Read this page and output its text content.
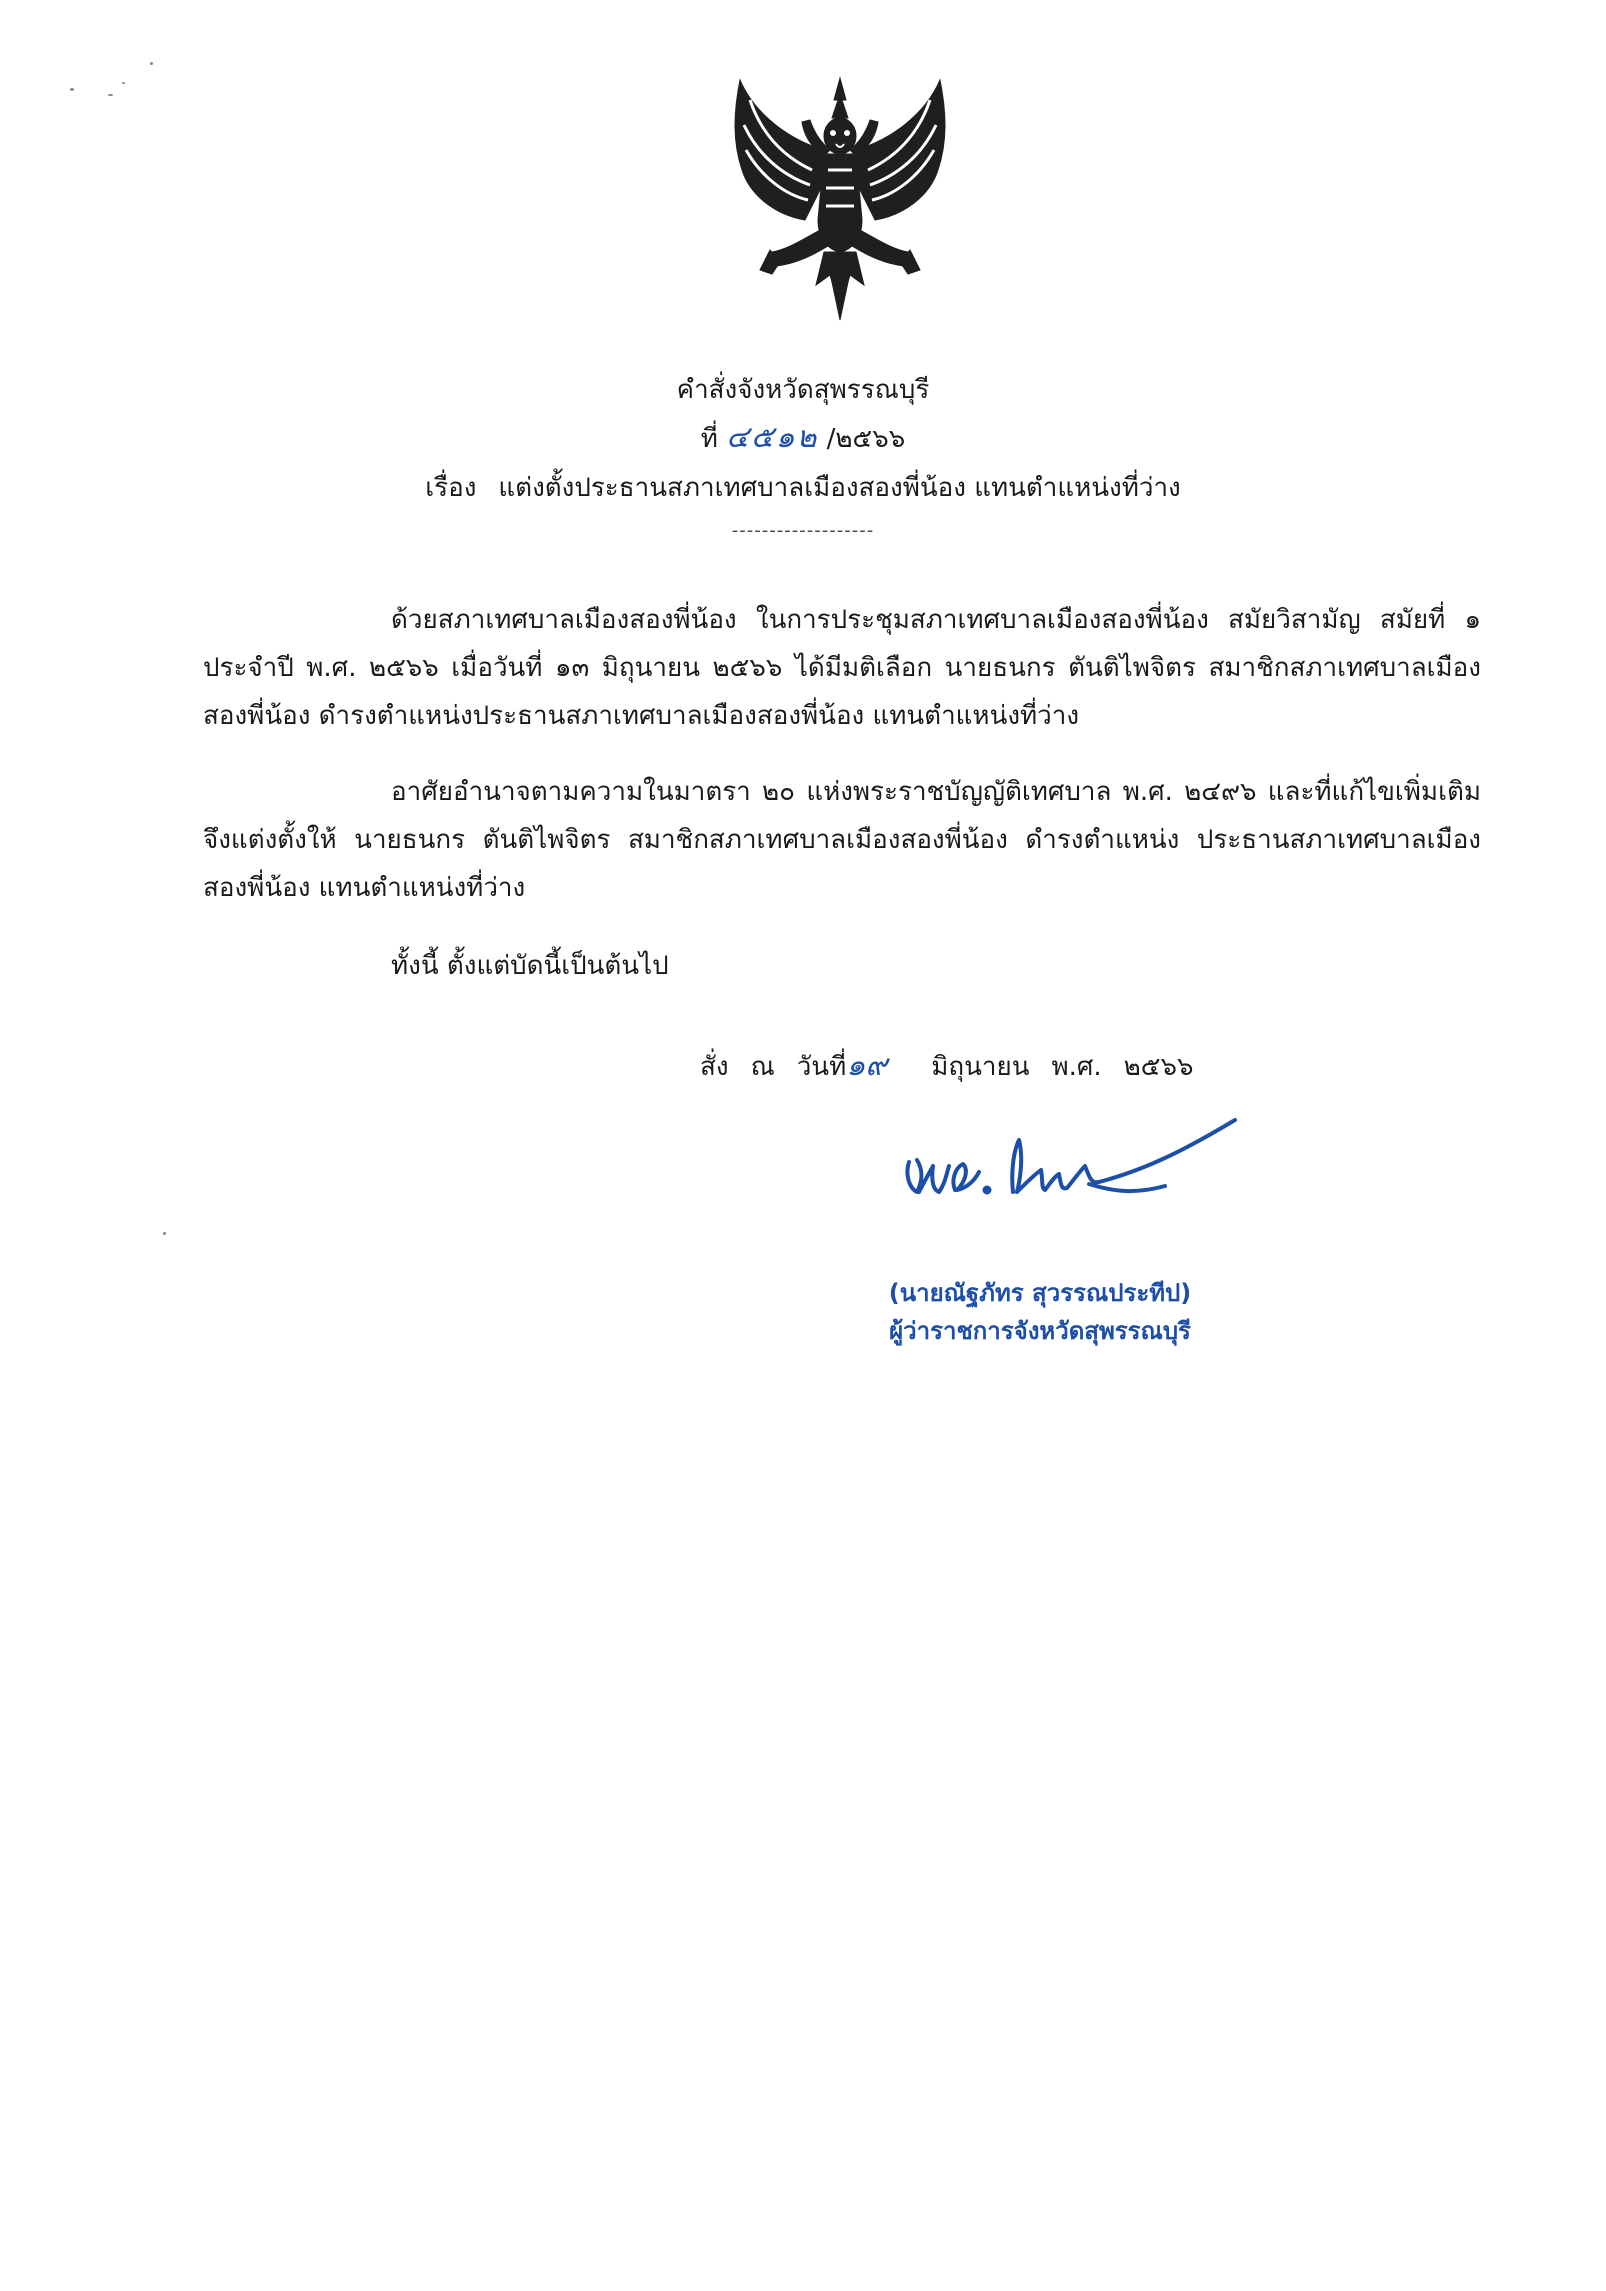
คำสั่งจังหวัดสุพรรณบุรี
ที่ ๔๕๑๒ /๒๕๖๖
เรื่อง แต่งตั้งประธานสภาเทศบาลเมืองสองพี่น้อง แทนตำแหน่งที่ว่าง
-------------------

ด้วยสภาเทศบาลเมืองสองพี่น้อง ในการประชุมสภาเทศบาลเมืองสองพี่น้อง สมัยวิสามัญ สมัยที่ ๑ ประจำปี พ.ศ. ๒๕๖๖ เมื่อวันที่ ๑๓ มิถุนายน ๒๕๖๖ ได้มีมติเลือก นายธนกร ตันติไพจิตร สมาชิกสภาเทศบาลเมืองสองพี่น้อง ดำรงตำแหน่งประธานสภาเทศบาลเมืองสองพี่น้อง แทนตำแหน่งที่ว่าง

อาศัยอำนาจตามความในมาตรา ๒๐ แห่งพระราชบัญญัติเทศบาล พ.ศ. ๒๔๙๖ และที่แก้ไขเพิ่มเติม จึงแต่งตั้งให้ นายธนกร ตันติไพจิตร สมาชิกสภาเทศบาลเมืองสองพี่น้อง ดำรงตำแหน่ง ประธานสภาเทศบาลเมืองสองพี่น้อง แทนตำแหน่งที่ว่าง

ทั้งนี้ ตั้งแต่บัดนี้เป็นต้นไป

สั่ง ณ วันที่๑๙ มิถุนายน พ.ศ. ๒๕๖๖
(นายณัฐภัทร สุวรรณประทีป)
ผู้ว่าราชการจังหวัดสุพรรณบุรี
